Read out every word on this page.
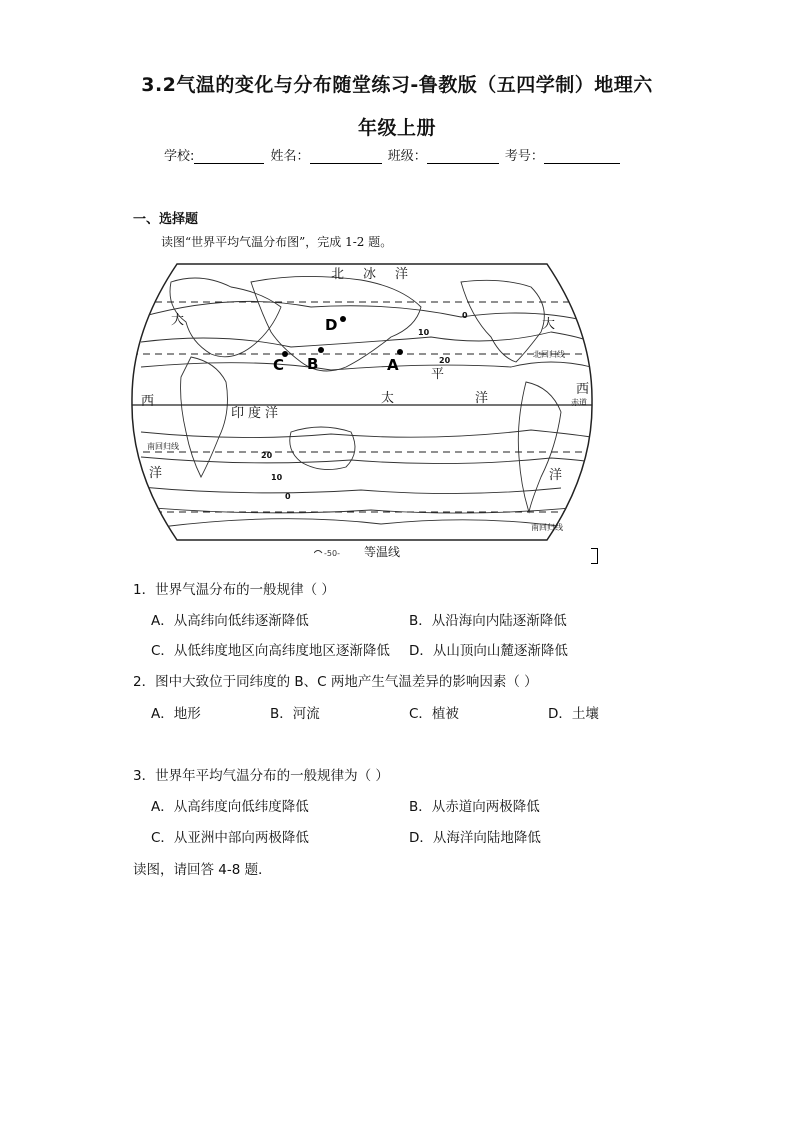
3.2气温的变化与分布随堂练习-鲁教版（五四学制）地理六
年级上册
学校:	姓名：	班级：	考号：
一、选择题
读图“世界平均气温分布图”，完成 1-2 题。
北 冰 洋
大	大
西
西
洋	洋
印 度 洋
太
平
洋
北回归线
南回归线
赤道
南回归线
10
0
20
20
10
0
A
B
C
D
-50- 等温线
1．世界气温分布的一般规律（ ）
A．从高纬向低纬逐渐降低	B．从沿海向内陆逐渐降低
C．从低纬度地区向高纬度地区逐渐降低 D．从山顶向山麓逐渐降低
2．图中大致位于同纬度的 B、C 两地产生气温差异的影响因素（ ）
A．地形	B．河流	C．植被	D．土壤
3．世界年平均气温分布的一般规律为（ ）
A．从高纬度向低纬度降低	B．从赤道向两极降低
C．从亚洲中部向两极降低	D．从海洋向陆地降低
读图，请回答 4-8 题．
